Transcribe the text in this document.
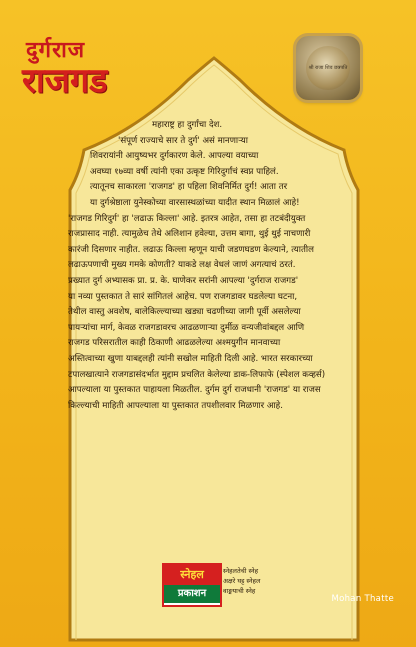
दुर्गराज
राजगड	श्री राजा शिव छत्रपति

महाराष्ट्र हा दुर्गांचा देश.

'संपूर्ण राज्याचे सार ते दुर्ग' असं मानणाऱ्या

शिवरायांनी आयुष्यभर दुर्गकारण केले. आपल्या वयाच्या

अवघ्या १७व्या वर्षी त्यांनी एका उत्कृष्ट गिरिदुर्गांचं स्वप्न पाहिलं.

त्यातूनच साकारला 'राजगड' हा पहिला शिवनिर्मित दुर्ग! आता तर

या दुर्गश्रेष्ठाला युनेस्कोच्या वारसास्थळांच्या यादीत स्थान मिळालं आहे!

'राजगड गिरिदुर्ग' हा 'लढाऊ किल्ला' आहे. इतरत्र आहेत, तसा हा तटबंदीयुक्त

राजप्रासाद नाही. त्यामुळेच तेथे अलिशान हवेल्या, उत्तम बागा, थुई थुई नाचणारी

कारंजी दिसणार नाहीत. लढाऊ किल्ला म्हणून याची जडणघडण केल्याने, त्यातील

लढाऊपणाची मुख्य गमके कोणती? याकडे लक्ष वेधलं जाणं अगत्याचं ठरतं.

प्रख्यात दुर्ग अभ्यासक प्रा. प्र. के. घाणेकर सरांनी आपल्या 'दुर्गराज राजगड'

या नव्या पुस्तकात ते सारं सांगितलं आहेच. पण राजगडावर घडलेल्या घटना,

तेथील वास्तु अवशेष, बालेकिल्ल्याच्या खड्या चढणीच्या जागी पूर्वी असलेल्या

पायऱ्यांचा मार्ग, केवळ राजगडावरच आढळणाऱ्या दुर्मीळ वन्यजीवांबद्दल आणि

राजगड परिसरातील काही ठिकाणी आढळलेल्या अश्मयुगीन मानवाच्या

अस्तित्वाच्या खुणा याबद्दलही त्यांनी सखोल माहिती दिली आहे. भारत सरकारच्या

टपालखात्याने राजगडासंदर्भात मुद्दाम प्रचलित केलेल्या डाक-लिफाफे (स्पेशल कव्हर्स)

आपल्याला या पुस्तकात पाहायला मिळतील. दुर्गम दुर्ग राजधानी 'राजगड' या राजस

किल्ल्याची माहिती आपल्याला या पुस्तकात तपशीलवार मिळणार आहे.

स्नेहल
प्रकाशन
स्नेहलतेची स्नेह
अक्षरे घट्ट स्नेहल
वाङ्मयाची स्नेह
Mohan Thatte
